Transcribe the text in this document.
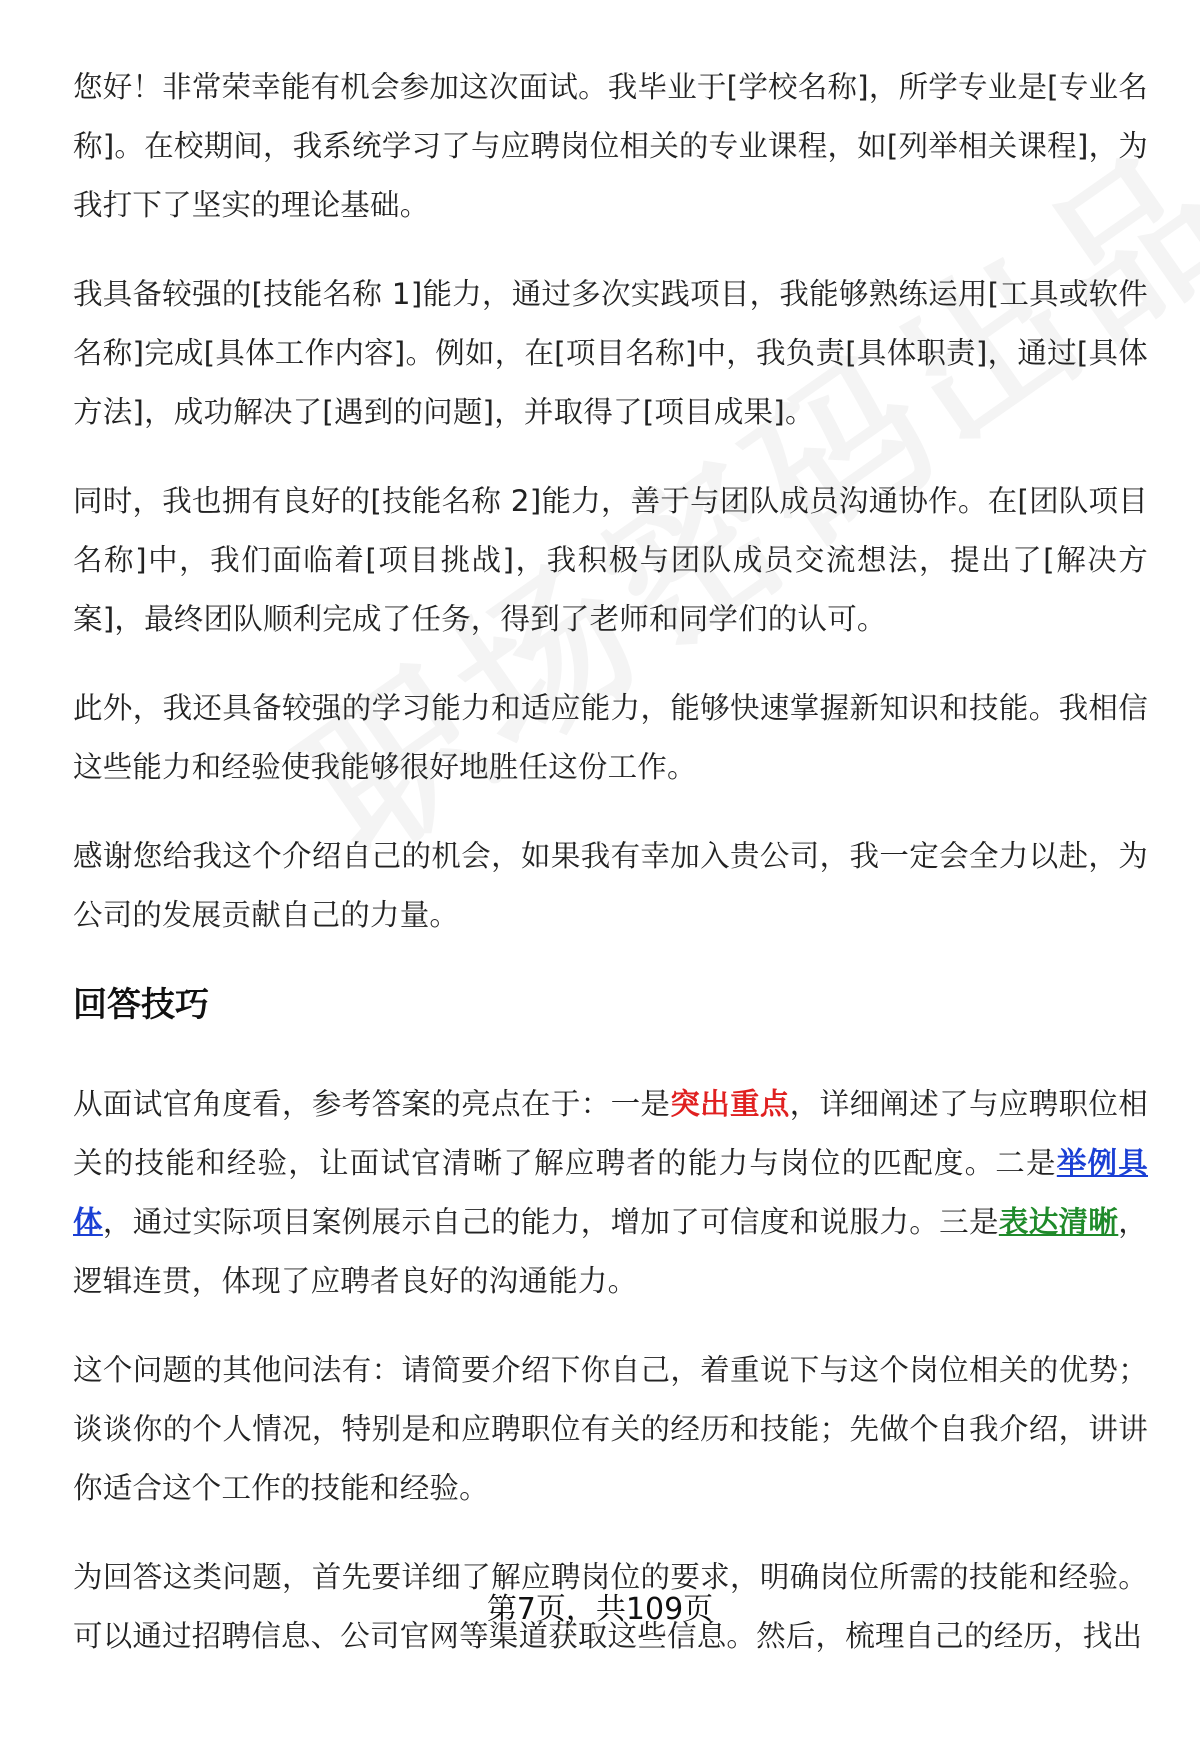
您好！非常荣幸能有机会参加这次面试。我毕业于[学校名称]，所学专业是[专业名称]。在校期间，我系统学习了与应聘岗位相关的专业课程，如[列举相关课程]，为我打下了坚实的理论基础。

我具备较强的[技能名称 1]能力，通过多次实践项目，我能够熟练运用[工具或软件名称]完成[具体工作内容]。例如，在[项目名称]中，我负责[具体职责]，通过[具体方法]，成功解决了[遇到的问题]，并取得了[项目成果]。

同时，我也拥有良好的[技能名称 2]能力，善于与团队成员沟通协作。在[团队项目名称]中，我们面临着[项目挑战]，我积极与团队成员交流想法，提出了[解决方案]，最终团队顺利完成了任务，得到了老师和同学们的认可。

此外，我还具备较强的学习能力和适应能力，能够快速掌握新知识和技能。我相信这些能力和经验使我能够很好地胜任这份工作。

感谢您给我这个介绍自己的机会，如果我有幸加入贵公司，我一定会全力以赴，为公司的发展贡献自己的力量。

回答技巧

从面试官角度看，参考答案的亮点在于：一是突出重点，详细阐述了与应聘职位相关的技能和经验，让面试官清晰了解应聘者的能力与岗位的匹配度。二是举例具体，通过实际项目案例展示自己的能力，增加了可信度和说服力。三是表达清晰，逻辑连贯，体现了应聘者良好的沟通能力。

这个问题的其他问法有：请简要介绍下你自己，着重说下与这个岗位相关的优势；谈谈你的个人情况，特别是和应聘职位有关的经历和技能；先做个自我介绍，讲讲你适合这个工作的技能和经验。

为回答这类问题，首先要详细了解应聘岗位的要求，明确岗位所需的技能和经验。可以通过招聘信息、公司官网等渠道获取这些信息。然后，梳理自己的经历，找出

第7页，共109页
